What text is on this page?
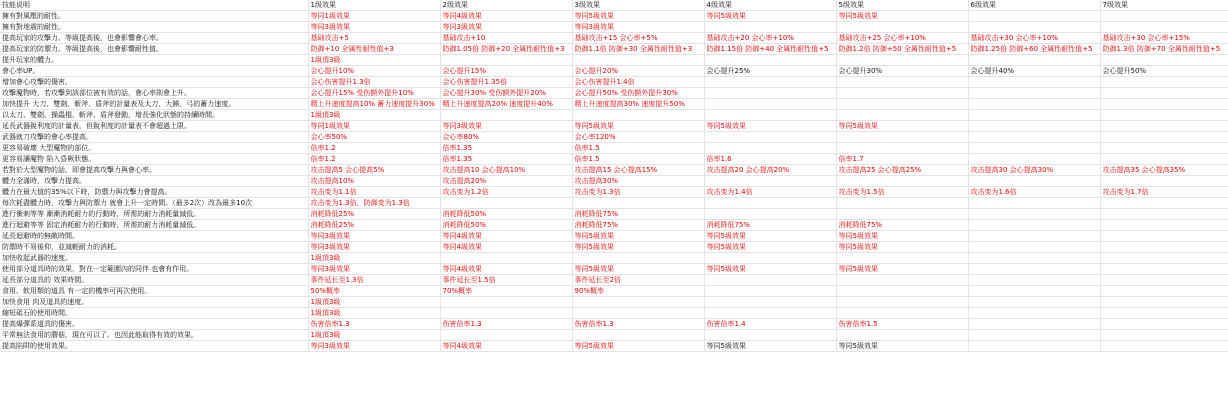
技能说明	1级效果	2级效果	3级效果	4级效果	5级效果	6级效果	7级效果
擁有對風壓的耐性。	等同1級效果	等同4級效果	等同5級效果	等同5級效果	等同5級效果		
擁有對地震的耐性。	等同3級效果	等同3級效果	等同3級效果				
提高玩家的攻擊力。等級提高後，也會影響會心率。	基础攻击+5	基础攻击+10	基础攻击+15 会心率+5%	基础攻击+20 会心率+10%	基础攻击+25 会心率+10%	基础攻击+30 会心率+10%	基础攻击+30 会心率+15%
提高玩家的防禦力。等級提高後，也會影響耐性值。	防御+10 全属性耐性值+3	防御1.05倍 防御+20 全属性耐性值+3	防御1.1倍 防御+30 全属性耐性值+3	防御1.15倍 防御+40 全属性耐性值+5	防御1.2倍 防御+50 全属性耐性值+5	防御1.25倍 防御+60 全属性耐性值+5	防御1.3倍 防御+70 全属性耐性值+5
提升玩家的體力。	1級頂3級						
會心率UP。	会心提升10%	会心提升15%	会心提升20%	会心提升25%	会心提升30%	会心提升40%	会心提升50%
增加會心攻擊的傷害。	会心伤害提升1.3倍	会心伤害提升1.35倍	会心伤害提升1.4倍				
攻擊魔物時，若攻擊到該部位被有效的話，會心率則會上升。	会心提升15% 受伤额外提升10%	会心提升30% 受伤额外提升20%	会心提升50% 受伤额外提升30%				
加快提升 大刀、雙劍、斬斧、盾斧的計量表及太刀、大錘、弓的蓄力速度。	精上升速度提高10% 蓄力速度提升30%	精上升速度提高20% 速度提升40%	精上升速度提高30% 速度提升50%				
以太刀、雙劍、操蟲棍、斬斧、盾斧發動，增長強化狀態的持續時間。	1級頂3級						
延長武器銳利度的計量表，但銳利度的計量表不會超過上限。	等同1級效果	等同3級效果	等同5級效果	等同5級效果	等同5級效果		
武器就刀攻擊的會心率提高。	会心率50%	会心率80%	会心率120%				
更容易破壞 大型魔物的部位。	倍率1.2	倍率1.35	倍率1.5				
更容易讓魔物 陷入昏厥狀態。	倍率1.2	倍率1.35	倍率1.5	倍率1.6	倍率1.7		
若對於大型魔物的話，即會提高攻擊力與會心率。	攻击提高5 会心提高5%	攻击提高10 会心提高10%	攻击提高15 会心提高15%	攻击提高20 会心提高20%	攻击提高25 会心提高25%	攻击提高30 会心提高30%	攻击提高35 会心提高35%
體力全滿時，攻擊力提高。	攻击提高10%	攻击提高20%	攻击提高30%				
體力在最大值的35%以下時，防禦力與攻擊力會提高。	攻击变为1.1倍	攻击变为1.2倍	攻击变为1.3倍	攻击变为1.4倍	攻击变为1.5倍	攻击变为1.6倍	攻击变为1.7倍
每次耗盡體力時，攻擊力與防禦力 就會上升一定時間。（最多2次）改為最多10次	攻击变为1.3倍，防御变为1.3倍						
進行衝刺等等 漸漸消耗耐力的行動時，所需的耐力消耗量減低。	消耗降低25%	消耗降低50%	消耗降低75%				
進行迴避等等 固定消耗耐力的行動時，所需的耐力消耗量減低。	消耗降低25%	消耗降低50%	消耗降低75%	消耗降低75%	消耗降低75%		
延長迴避時的無敵時間。	等同3級效果	等同4級效果	等同5級效果	等同5級效果	等同5級效果		
防禦時不易後仰，並減輕耐力的消耗。	等同3級效果	等同4級效果	等同5級效果	等同5級效果	等同5級效果		
加快收起武器的速度。	1級頂3級						
使用部分道具時的效果，對在一定範圍內的同伴 也會有作用。	等同3級效果	等同4級效果	等同5級效果	等同5級效果	等同5級效果		
延長部分道具的 效果時間。	事件延长至1.3倍	事件延长至1.5倍	事件延长至2倍				
食用、飲用類的道具 有一定的機率可再次使用。	50%概率	70%概率	90%概率				
加快食用 肉及道具的速度。	1級頂3級						
縮短砥石的使用時間。	1級頂3級						
提高爆彈系道具的傷害。	伤害倍率1.3	伤害倍率1.3	伤害倍率1.3	伤害倍率1.4	伤害倍率1.5		
平常無法食用的蘑菇，現在可以了。也因此能取得有效的效果。	1級頂3級						
提高陷阱的使用效果。	等同3級效果	等同4級效果	等同5級效果	等同5級效果	等同5級效果		
